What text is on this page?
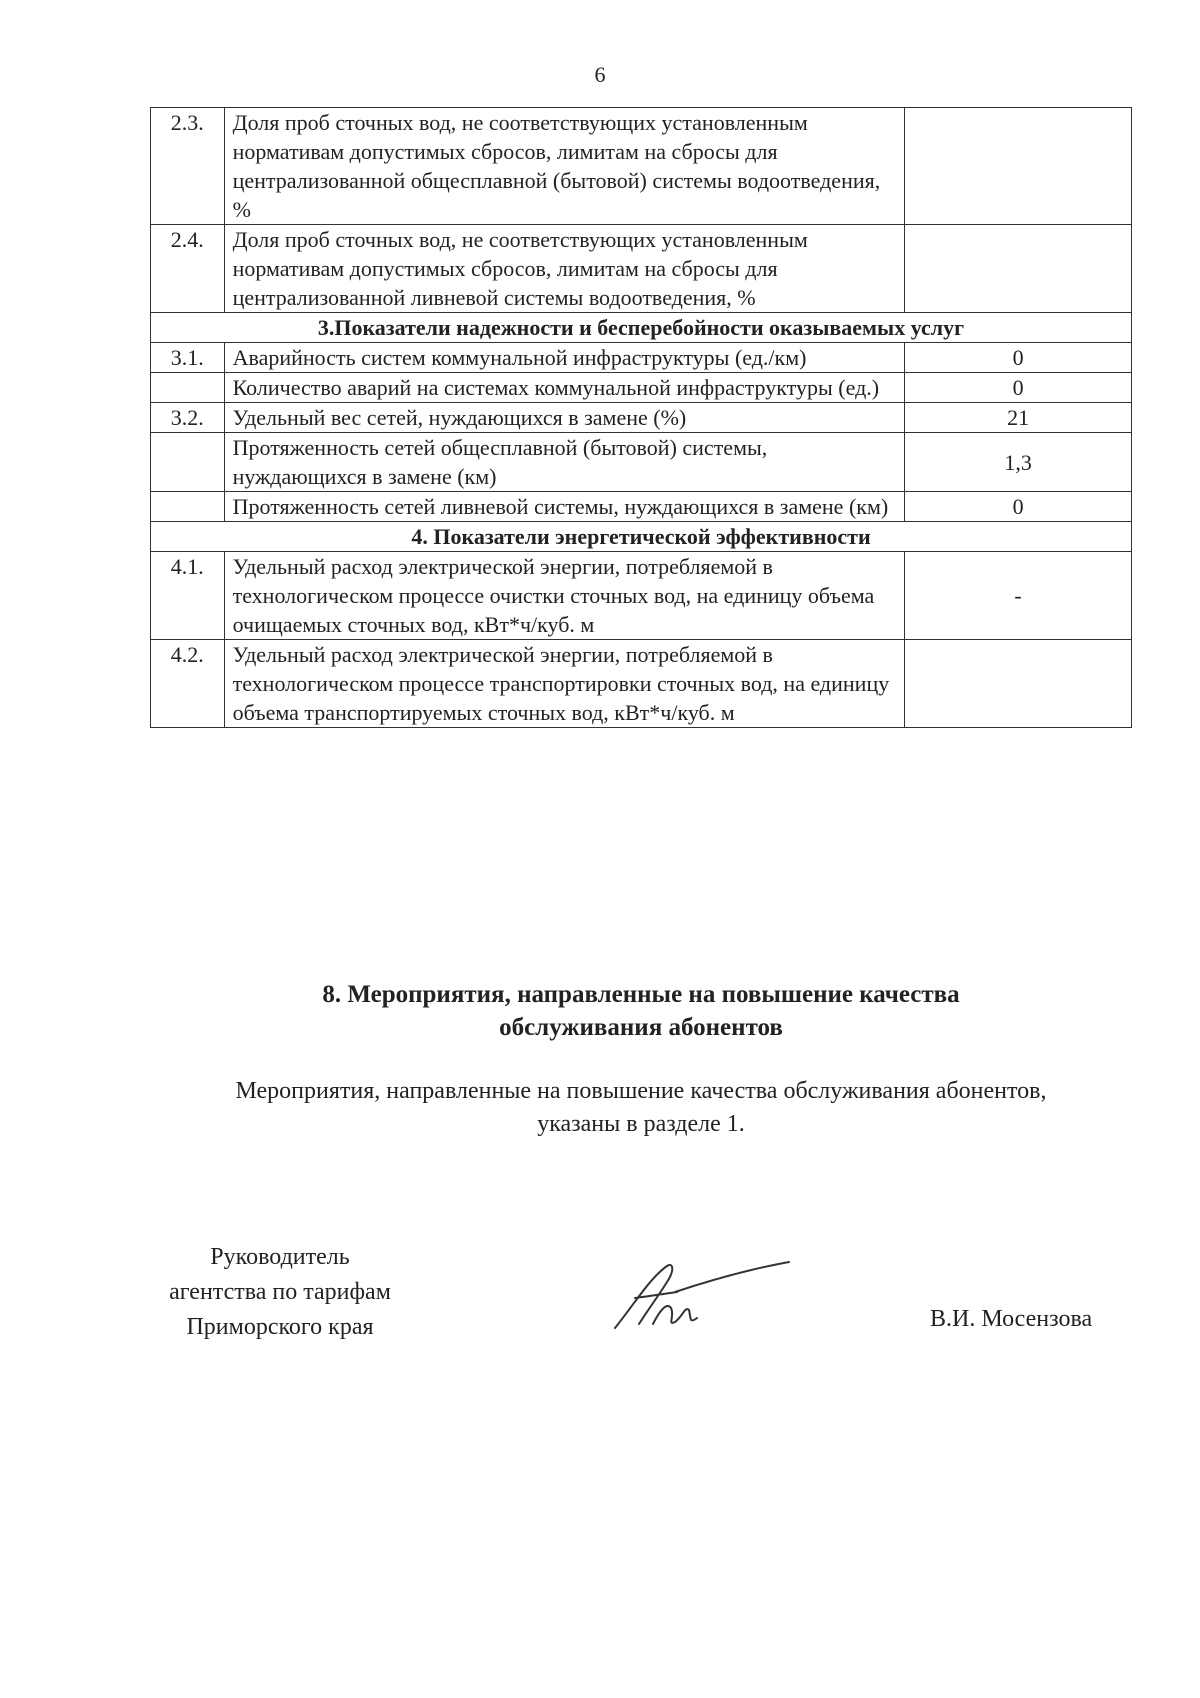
6
2.3.	Доля проб сточных вод, не соответствующих установленным нормативам допустимых сбросов, лимитам на сбросы для централизованной общесплавной (бытовой) системы водоотведения, %	
2.4.	Доля проб сточных вод, не соответствующих установленным нормативам допустимых сбросов, лимитам на сбросы для централизованной ливневой системы водоотведения, %	
3.Показатели надежности и бесперебойности оказываемых услуг		
3.1.	Аварийность систем коммунальной инфраструктуры (ед./км)	0
	Количество аварий на системах коммунальной инфраструктуры (ед.)	0
3.2.	Удельный вес сетей, нуждающихся в замене (%)	21
	Протяженность сетей общесплавной (бытовой) системы, нуждающихся в замене (км)	1,3
	Протяженность сетей ливневой системы, нуждающихся в замене (км)	0
4. Показатели энергетической эффективности		
4.1.	Удельный расход электрической энергии, потребляемой в технологическом процессе очистки сточных вод, на единицу объема очищаемых сточных вод, кВт*ч/куб. м	-
4.2.	Удельный расход электрической энергии, потребляемой в технологическом процессе транспортировки сточных вод, на единицу объема транспортируемых сточных вод, кВт*ч/куб. м	
8. Мероприятия, направленные на повышение качества
обслуживания абонентов
Мероприятия, направленные на повышение качества обслуживания абонентов,
указаны в разделе 1.
Руководитель
агентства по тарифам
Приморского края	В.И. Мосензова
